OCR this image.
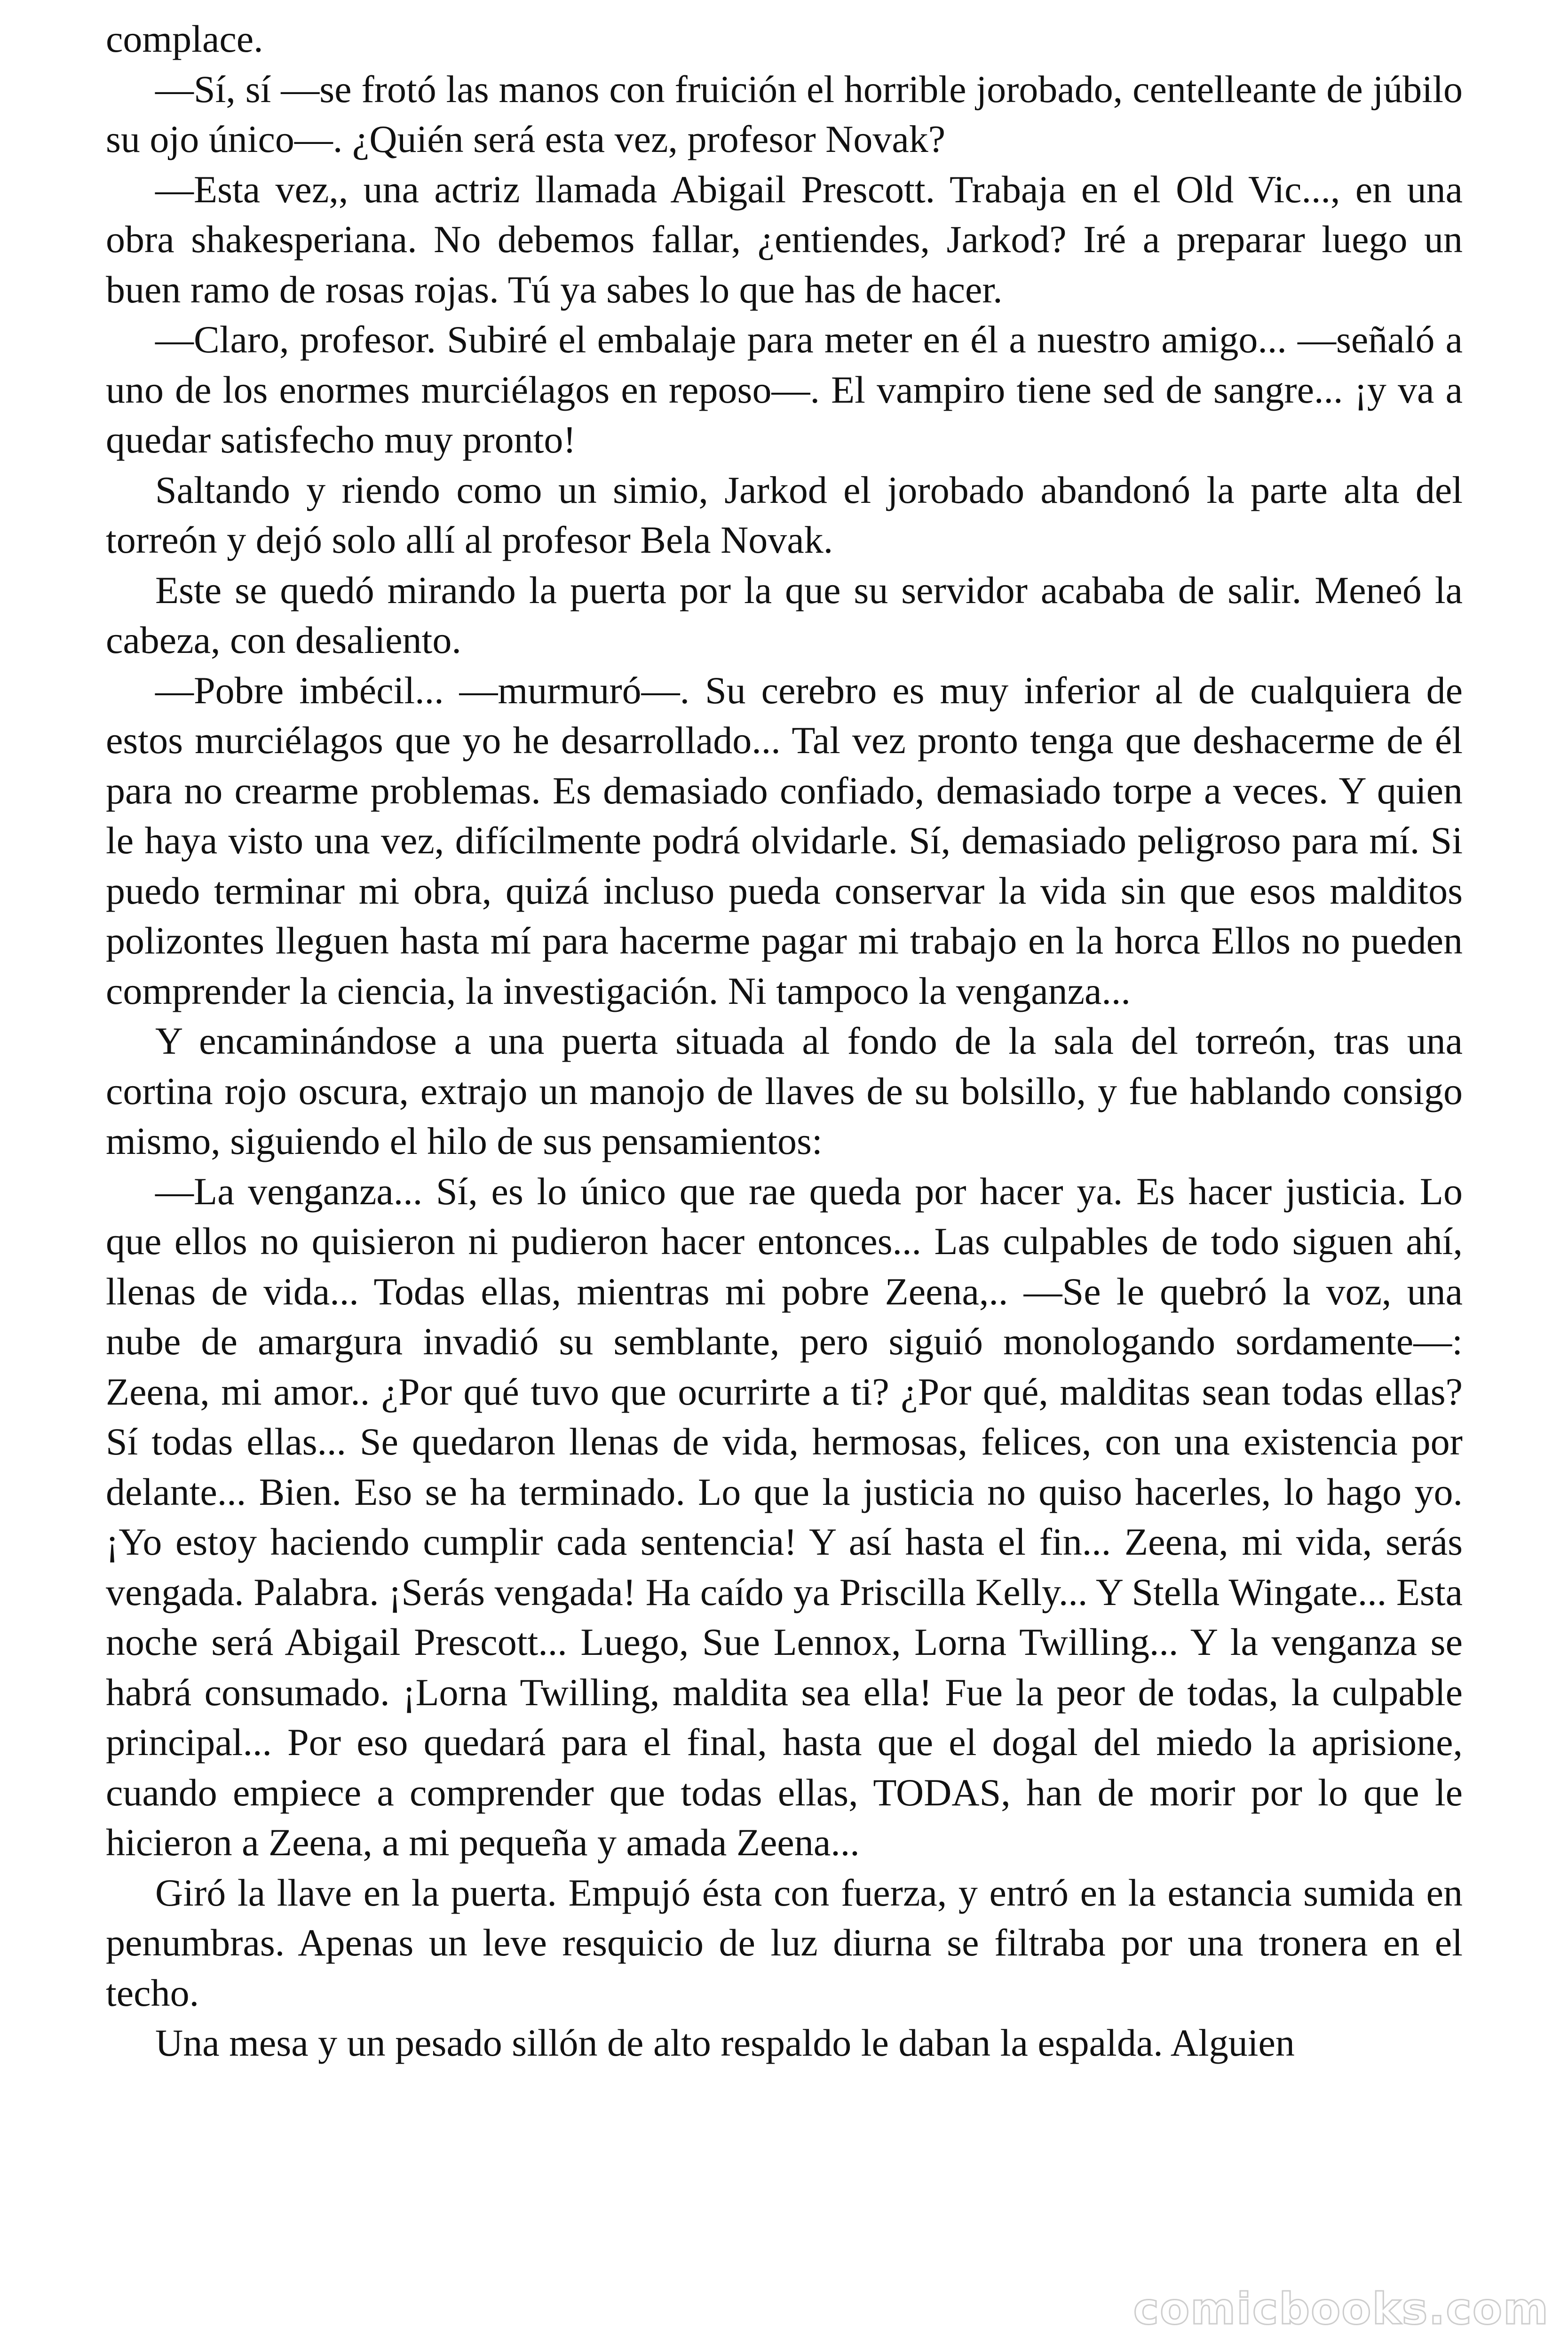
complace.

—Sí, sí —se frotó las manos con fruición el horrible jorobado, centelleante de júbilo su ojo único—. ¿Quién será esta vez, profesor Novak?

—Esta vez,, una actriz llamada Abigail Prescott. Trabaja en el Old Vic..., en una obra shakesperiana. No debemos fallar, ¿entiendes, Jarkod? Iré a preparar luego un buen ramo de rosas rojas. Tú ya sabes lo que has de hacer.

—Claro, profesor. Subiré el embalaje para meter en él a nuestro amigo... —señaló a uno de los enormes murciélagos en reposo—. El vampiro tiene sed de sangre... ¡y va a quedar satisfecho muy pronto!

Saltando y riendo como un simio, Jarkod el jorobado abandonó la parte alta del torreón y dejó solo allí al profesor Bela Novak.

Este se quedó mirando la puerta por la que su servidor acababa de salir. Meneó la cabeza, con desaliento.

—Pobre imbécil... —murmuró—. Su cerebro es muy inferior al de cualquiera de estos murciélagos que yo he desarrollado... Tal vez pronto tenga que deshacerme de él para no crearme problemas. Es demasiado confiado, demasiado torpe a veces. Y quien le haya visto una vez, difícilmente podrá olvidarle. Sí, demasiado peligroso para mí. Si puedo terminar mi obra, quizá incluso pueda conservar la vida sin que esos malditos polizontes lleguen hasta mí para hacerme pagar mi trabajo en la horca Ellos no pueden comprender la ciencia, la investigación. Ni tampoco la venganza...

Y encaminándose a una puerta situada al fondo de la sala del torreón, tras una cortina rojo oscura, extrajo un manojo de llaves de su bolsillo, y fue hablando consigo mismo, siguiendo el hilo de sus pensamientos:

—La venganza... Sí, es lo único que rae queda por hacer ya. Es hacer justicia. Lo que ellos no quisieron ni pudieron hacer entonces... Las culpables de todo siguen ahí, llenas de vida... Todas ellas, mientras mi pobre Zeena,.. —Se le quebró la voz, una nube de amargura invadió su semblante, pero siguió monologando sordamente—: Zeena, mi amor.. ¿Por qué tuvo que ocurrirte a ti? ¿Por qué, malditas sean todas ellas? Sí todas ellas... Se quedaron llenas de vida, hermosas, felices, con una existencia por delante... Bien. Eso se ha terminado. Lo que la justicia no quiso hacerles, lo hago yo. ¡Yo estoy haciendo cumplir cada sentencia! Y así hasta el fin... Zeena, mi vida, serás vengada. Palabra. ¡Serás vengada! Ha caído ya Priscilla Kelly... Y Stella Wingate... Esta noche será Abigail Prescott... Luego, Sue Lennox, Lorna Twilling... Y la venganza se habrá consumado. ¡Lorna Twilling, maldita sea ella! Fue la peor de todas, la culpable principal... Por eso quedará para el final, hasta que el dogal del miedo la aprisione, cuando empiece a comprender que todas ellas, TODAS, han de morir por lo que le hicieron a Zeena, a mi pequeña y amada Zeena...

Giró la llave en la puerta. Empujó ésta con fuerza, y entró en la estancia sumida en penumbras. Apenas un leve resquicio de luz diurna se filtraba por una tronera en el techo.

Una mesa y un pesado sillón de alto respaldo le daban la espalda. Alguien

comicbooks.com
